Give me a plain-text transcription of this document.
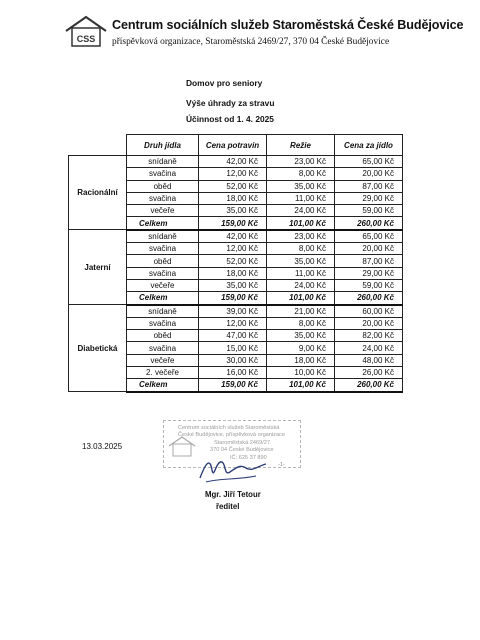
CSS
Centrum sociálních služeb Staroměstská České Budějovice
příspěvková organizace, Staroměstská 2469/27, 370 04 České Budějovice
Domov pro seniory
Výše úhrady za stravu
Účinnost od 1. 4. 2025
	Druh jídla	Cena potravin	Režie	Cena za jídlo
Racionální	snídaně	42,00 Kč	23,00 Kč	65,00 Kč
	svačina	12,00 Kč	8,00 Kč	20,00 Kč
	oběd	52,00 Kč	35,00 Kč	87,00 Kč
	svačina	18,00 Kč	11,00 Kč	29,00 Kč
	večeře	35,00 Kč	24,00 Kč	59,00 Kč
	Celkem	159,00 Kč	101,00 Kč	260,00 Kč
Jaterní	snídaně	42,00 Kč	23,00 Kč	65,00 Kč
	svačina	12,00 Kč	8,00 Kč	20,00 Kč
	oběd	52,00 Kč	35,00 Kč	87,00 Kč
	svačina	18,00 Kč	11,00 Kč	29,00 Kč
	večeře	35,00 Kč	24,00 Kč	59,00 Kč
	Celkem	159,00 Kč	101,00 Kč	260,00 Kč
Diabetická	snídaně	39,00 Kč	21,00 Kč	60,00 Kč
	svačina	12,00 Kč	8,00 Kč	20,00 Kč
	oběd	47,00 Kč	35,00 Kč	82,00 Kč
	svačina	15,00 Kč	9,00 Kč	24,00 Kč
	večeře	30,00 Kč	18,00 Kč	48,00 Kč
	2. večeře	16,00 Kč	10,00 Kč	26,00 Kč
	Celkem	159,00 Kč	101,00 Kč	260,00 Kč
13.03.2025
Centrum sociálních služeb Staroměstská
České Budějovice, příspěvková organizace
Staroměstská 2469/27
370 04 České Budějovice
IČ: 625 37 890
-1-
Mgr. Jiří Tetour
ředitel
